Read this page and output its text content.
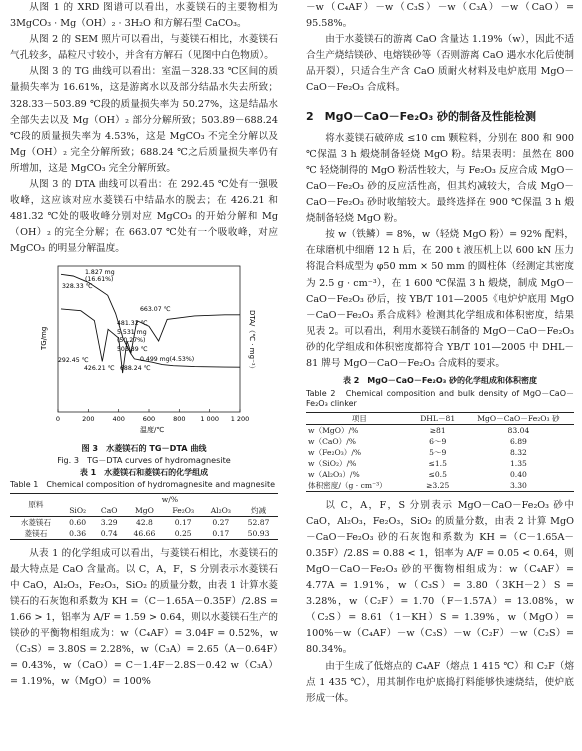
从图 1 的 XRD 图谱可以看出，水菱镁石的主要物相为 3MgCO₃ · Mg（OH）₂ · 3H₂O 和方解石型 CaCO₃。

从图 2 的 SEM 照片可以看出，与菱镁石相比，水菱镁石气孔较多，晶粒尺寸较小，并含有方解石（见图中白色物质）。

从图 3 的 TG 曲线可以看出：室温－328.33 ℃区间的质量损失率为 16.61%，这是游离水以及部分结晶水失去所致；328.33－503.89 ℃段的质量损失率为 50.27%，这是结晶水全部失去以及 Mg（OH）₂ 部分分解所致；503.89－688.24 ℃段的质量损失率为 4.53%，这是 MgCO₃ 不完全分解以及 Mg（OH）₂ 完全分解所致；688.24 ℃之后质量损失率仍有所增加，这是 MgCO₃ 完全分解所致。

从图 3 的 DTA 曲线可以看出：在 292.45 ℃处有一强吸收峰，这应该对应水菱镁石中结晶水的脱去；在 426.21 和 481.32 ℃处的吸收峰分别对应 MgCO₃ 的开始分解和 Mg（OH）₂ 的完全分解；在 663.07 ℃处有一个吸收峰，对应 MgCO₃ 的明显分解温度。

0	200	400	600	800 1 000 1 200
TG/mg	DTA/（℃ · mg⁻¹）
温度/℃
1.827 mg
(16.61%)
328.33 ℃
663.07 ℃
481.32 ℃
5.531 mg
(50.27%)
503.89 ℃
0.499 mg(4.53%)
292.45 ℃
426.21 ℃ 688.24 ℃

图 3　水菱镁石的 TG－DTA 曲线

Fig. 3　TG－DTA curves of hydromagnesite

表 1　水菱镁石和菱镁石的化学组成

Table 1　Chemical composition of hydromagnesite and magnesite

原料	w/%					
	SiO₂	CaO	MgO	Fe₂O₃	Al₂O₃	灼减
水菱镁石	0.60	3.29	42.8	0.17	0.27	52.87
菱镁石	0.36	0.74	46.66	0.25	0.17	50.93

从表 1 的化学组成可以看出，与菱镁石相比，水菱镁石的最大特点是 CaO 含量高。以 C，A，F，S 分别表示水菱镁石中 CaO，Al₂O₃，Fe₂O₃，SiO₂ 的质量分数，由表 1 计算水菱镁石的石灰饱和系数为 KH =（C－1.65A－0.35F）/2.8S = 1.66 > 1，铝率为 A/F = 1.59 > 0.64，则以水菱镁石生产的镁砂的平衡物相组成为：w（C₄AF）= 3.04F = 0.52%，w（C₃S）= 3.80S = 2.28%，w（C₃A）= 2.65（A－0.64F）= 0.43%，w（CaO）= C－1.4F－2.8S－0.42 w（C₃A）= 1.19%，w（MgO）= 100%

－w（C₄AF）－w（C₃S）－w（C₃A）－w（CaO）= 95.58%。

由于水菱镁石的游离 CaO 含量达 1.19%（w），因此不适合生产烧结镁砂、电熔镁砂等（否则游离 CaO 遇水水化后使制品开裂），只适合生产含 CaO 质耐火材料及电炉底用 MgO－CaO－Fe₂O₃ 合成料。

2　MgO－CaO－Fe₂O₃ 砂的制备及性能检测

将水菱镁石破碎成 ≤10 cm 颗粒料，分别在 800 和 900 ℃保温 3 h 煅烧制备轻烧 MgO 粉。结果表明：虽然在 800 ℃ 轻烧制得的 MgO 粉活性较大，与 Fe₂O₃ 反应合成 MgO－CaO－Fe₂O₃ 砂的反应活性高，但其灼减较大，合成 MgO－CaO－Fe₂O₃ 砂时收缩较大。最终选择在 900 ℃保温 3 h 煅烧制备轻烧 MgO 粉。

按 w（铁鳞）= 8%，w（轻烧 MgO 粉）= 92% 配料，在球磨机中细磨 12 h 后，在 200 t 液压机上以 600 kN 压力将混合料成型为 φ50 mm × 50 mm 的圆柱体（经测定其密度为 2.5 g · cm⁻³），在 1 600 ℃保温 3 h 煅烧，制成 MgO－CaO－Fe₂O₃ 砂后，按 YB/T 101—2005《电炉炉底用 MgO－CaO－Fe₂O₃ 系合成料》检测其化学组成和体积密度，结果见表 2。可以看出，利用水菱镁石制备的 MgO－CaO－Fe₂O₃ 砂的化学组成和体积密度都符合 YB/T 101—2005 中 DHL－81 牌号 MgO－CaO－Fe₂O₃ 合成料的要求。

表 2　MgO－CaO－Fe₂O₃ 砂的化学组成和体积密度

Table 2　Chemical composition and bulk density of MgO－CaO－Fe₂O₃ clinker

项目	DHL－81	MgO－CaO－Fe₂O₃ 砂
w（MgO）/%	≥81	83.04
w（CaO）/%	6～9	6.89
w（Fe₂O₃）/%	5～9	8.32
w（SiO₂）/%	≤1.5	1.35
w（Al₂O₃）/%	≤0.5	0.40
体积密度/（g · cm⁻³）	≥3.25	3.30

以 C，A，F，S 分别表示 MgO－CaO－Fe₂O₃ 砂中 CaO，Al₂O₃，Fe₂O₃，SiO₂ 的质量分数，由表 2 计算 MgO－CaO－Fe₂O₃ 砂的石灰饱和系数为 KH =（C－1.65A－0.35F）/2.8S = 0.88 < 1，铝率为 A/F = 0.05 < 0.64，则 MgO－CaO－Fe₂O₃ 砂的平衡物相组成为：w（C₄AF）= 4.77A = 1.91%，w（C₃S）= 3.80（3KH－2）S = 3.28%，w（C₂F）= 1.70（F－1.57A）= 13.08%，w（C₂S）= 8.61（1－KH）S = 1.39%，w（MgO）= 100%－w（C₄AF）－w（C₃S）－w（C₂F）－w（C₂S）= 80.34%。

由于生成了低熔点的 C₄AF（熔点 1 415 ℃）和 C₂F（熔点 1 435 ℃），用其制作电炉底捣打料能够快速烧结，使炉底形成一体。
